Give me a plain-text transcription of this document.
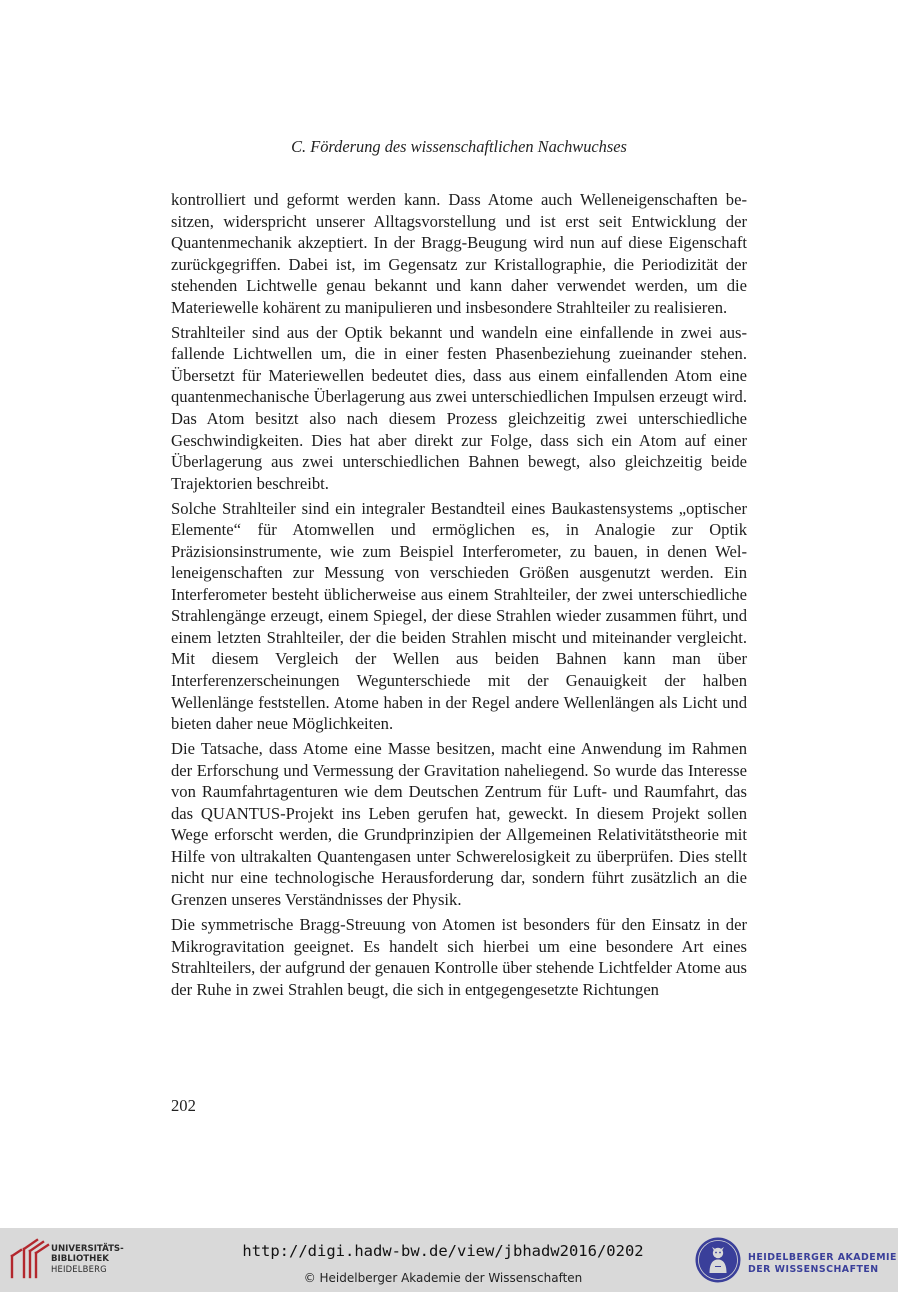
C. Förderung des wissenschaftlichen Nachwuchses

kontrolliert und geformt werden kann. Dass Atome auch Welleneigenschaften besitzen, widerspricht unserer Alltagsvorstellung und ist erst seit Entwicklung der Quantenmechanik akzeptiert. In der Bragg-Beugung wird nun auf diese Eigenschaft zurückgegriffen. Dabei ist, im Gegensatz zur Kristallographie, die Periodizität der stehenden Lichtwelle genau bekannt und kann daher verwendet werden, um die Materiewelle kohärent zu manipulieren und insbesondere Strahlteiler zu realisieren.

Strahlteiler sind aus der Optik bekannt und wandeln eine einfallende in zwei ausfallende Lichtwellen um, die in einer festen Phasenbeziehung zueinander stehen. Übersetzt für Materiewellen bedeutet dies, dass aus einem einfallenden Atom eine quantenmechanische Überlagerung aus zwei unterschiedlichen Impulsen erzeugt wird. Das Atom besitzt also nach diesem Prozess gleichzeitig zwei unterschiedliche Geschwindigkeiten. Dies hat aber direkt zur Folge, dass sich ein Atom auf einer Überlagerung aus zwei unterschiedlichen Bahnen bewegt, also gleichzeitig beide Trajektorien beschreibt.

Solche Strahlteiler sind ein integraler Bestandteil eines Baukastensystems „optischer Elemente“ für Atomwellen und ermöglichen es, in Analogie zur Optik Präzisionsinstrumente, wie zum Beispiel Interferometer, zu bauen, in denen Welleneigenschaften zur Messung von verschieden Größen ausgenutzt werden. Ein Interferometer besteht üblicherweise aus einem Strahlteiler, der zwei unterschiedliche Strahlengänge erzeugt, einem Spiegel, der diese Strahlen wieder zusammen führt, und einem letzten Strahlteiler, der die beiden Strahlen mischt und miteinander vergleicht. Mit diesem Vergleich der Wellen aus beiden Bahnen kann man über Interferenzerscheinungen Wegunterschiede mit der Genauigkeit der halben Wellenlänge feststellen. Atome haben in der Regel andere Wellenlängen als Licht und bieten daher neue Möglichkeiten.

Die Tatsache, dass Atome eine Masse besitzen, macht eine Anwendung im Rahmen der Erforschung und Vermessung der Gravitation naheliegend. So wurde das Interesse von Raumfahrtagenturen wie dem Deutschen Zentrum für Luft- und Raumfahrt, das das QUANTUS-Projekt ins Leben gerufen hat, geweckt. In diesem Projekt sollen Wege erforscht werden, die Grundprinzipien der Allgemeinen Relativitätstheorie mit Hilfe von ultrakalten Quantengasen unter Schwerelosigkeit zu überprüfen. Dies stellt nicht nur eine technologische Herausforderung dar, sondern führt zusätzlich an die Grenzen unseres Verständnisses der Physik.

Die symmetrische Bragg-Streuung von Atomen ist besonders für den Einsatz in der Mikrogravitation geeignet. Es handelt sich hierbei um eine besondere Art eines Strahlteilers, der aufgrund der genauen Kontrolle über stehende Lichtfelder Atome aus der Ruhe in zwei Strahlen beugt, die sich in entgegengesetzte Richtungen

202
UNIVERSITÄTS-
BIBLIOTHEK
HEIDELBERG
http://digi.hadw-bw.de/view/jbhadw2016/0202
© Heidelberger Akademie der Wissenschaften
HEIDELBERGER AKADEMIE
DER WISSENSCHAFTEN
